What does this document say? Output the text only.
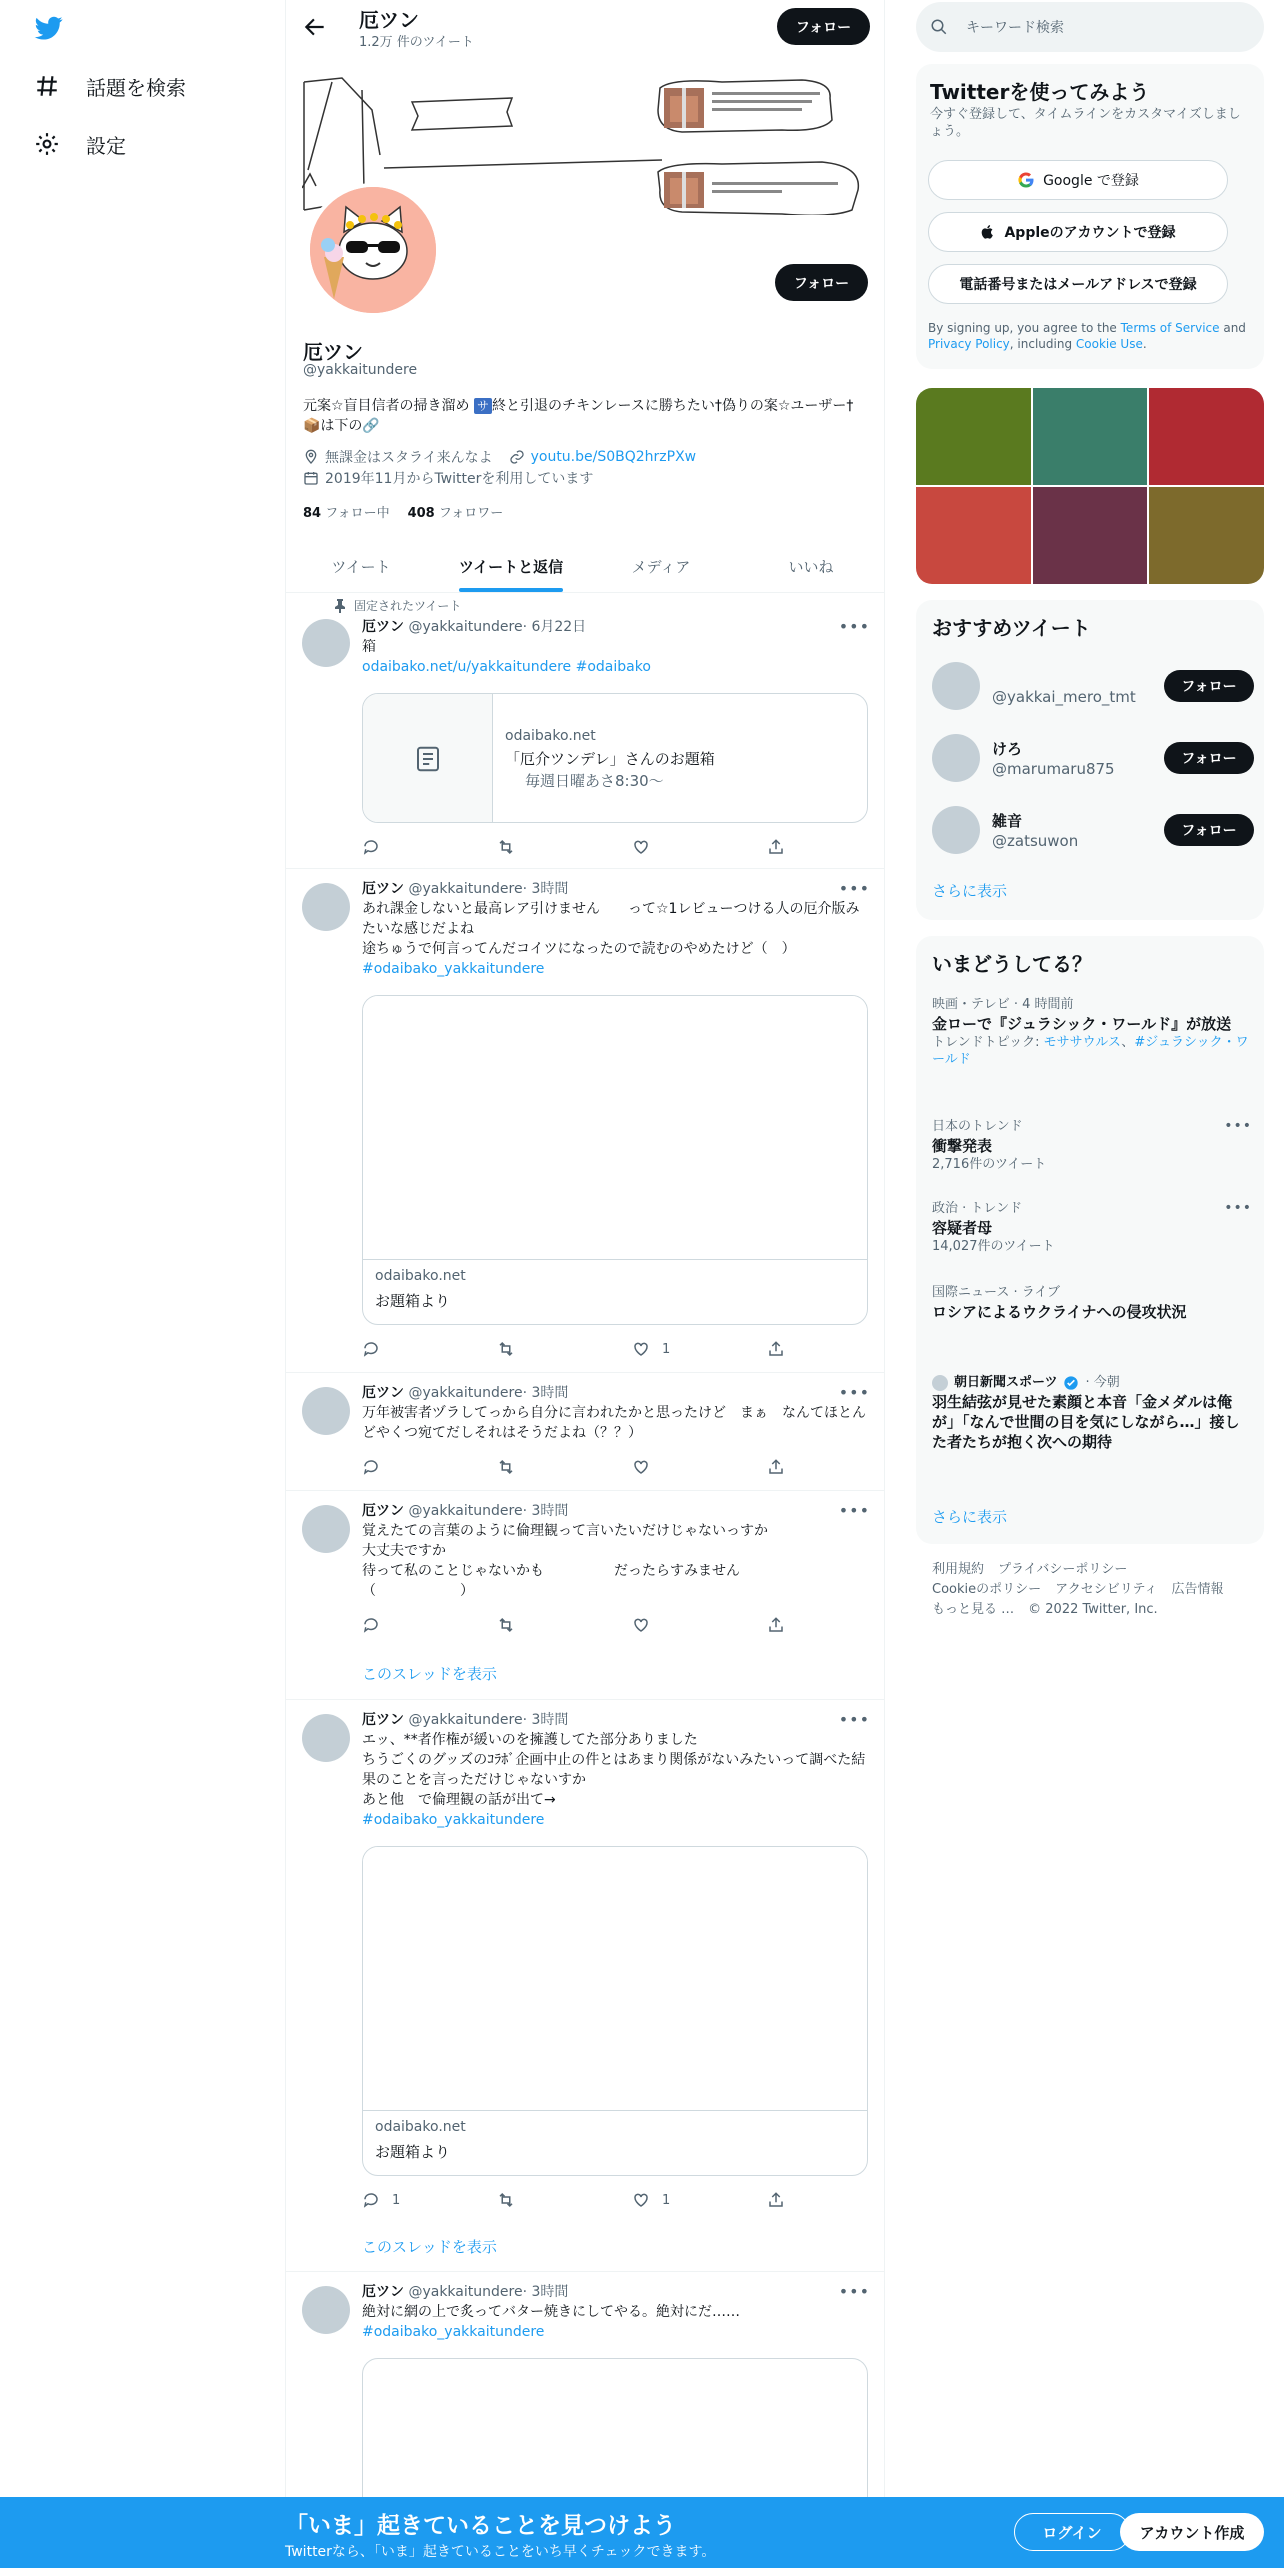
話題を検索
設定
厄ツン
1.2万 件のツイート
フォロー
フォロー
厄ツン
@yakkaitundere
元案☆盲目信者の掃き溜め サ 終と引退のチキンレースに勝ちたい†偽りの案☆ユーザー† 📦は下の🔗
無課金はスタライ来んなよ	youtu.be/S0BQ2hrzPXw
2019年11月からTwitterを利用しています
84 フォロー中 408 フォロワー
ツイート	ツイートと返信	メディア	いいね
固定されたツイート
厄ツン @yakkaitundere· 6月22日
箱
odaibako.net/u/yakkaitundere #odaibako
•••
odaibako.net
「厄介ツンデレ」さんのお題箱
毎週日曜あさ8:30〜
厄ツン @yakkaitundere· 3時間
あれ課金しないと最高レア引けません　　って☆1レビューつける人の厄介版みたいな感じだよね
途ちゅうで何言ってんだコイツになったので読むのやめたけど（　）
#odaibako_yakkaitundere
•••
odaibako.net
お題箱より
1
厄ツン @yakkaitundere· 3時間
万年被害者ヅラしてっから自分に言われたかと思ったけど　まぁ　なんてほとんどやくつ宛てだしそれはそうだよね（？？）
•••
厄ツン @yakkaitundere· 3時間
覚えたての言葉のように倫理観って言いたいだけじゃないっすか
大丈夫ですか
待って私のことじゃないかも　　　　　だったらすみません
（　　　　　　）
•••
このスレッドを表示
厄ツン @yakkaitundere· 3時間
エッ、**者作権が緩いのを擁護してた部分ありました
ちうごくのグッズのｺﾗﾎﾞ企画中止の件とはあまり関係がないみたいって調べた結果のことを言っただけじゃないすか
あと他　で倫理観の話が出て→
#odaibako_yakkaitundere
•••
odaibako.net
お題箱より
1	1
このスレッドを表示
厄ツン @yakkaitundere· 3時間
絶対に網の上で炙ってバター焼きにしてやる。絶対にだ……
#odaibako_yakkaitundere
•••
キーワード検索
Twitterを使ってみよう
今すぐ登録して、タイムラインをカスタマイズしましょう。
Google で登録
Appleのアカウントで登録
電話番号またはメールアドレスで登録
By signing up, you agree to the Terms of Service and Privacy Policy, including Cookie Use.
おすすめツイート
@yakkai_mero_tmt
フォロー
けろ
@marumaru875
フォロー
雑音
@zatsuwon
フォロー
さらに表示
いまどうしてる？
映画・テレビ · 4 時間前
金ローで『ジュラシック・ワールド』が放送
トレンドトピック: モササウルス、#ジュラシック・ワールド
日本のトレンド
衝撃発表
2,716件のツイート
•••
政治 · トレンド
容疑者母
14,027件のツイート
•••
国際ニュース · ライブ
ロシアによるウクライナへの侵攻状況
朝日新聞スポーツ · 今朝
羽生結弦が見せた素顔と本音「金メダルは俺が」「なんで世間の目を気にしながら…」接した者たちが抱く次への期待
さらに表示
利用規約 プライバシーポリシー
Cookieのポリシー アクセシビリティ 広告情報
もっと見る … © 2022 Twitter, Inc.
「いま」起きていることを見つけよう
Twitterなら、「いま」起きていることをいち早くチェックできます。
ログイン	アカウント作成
